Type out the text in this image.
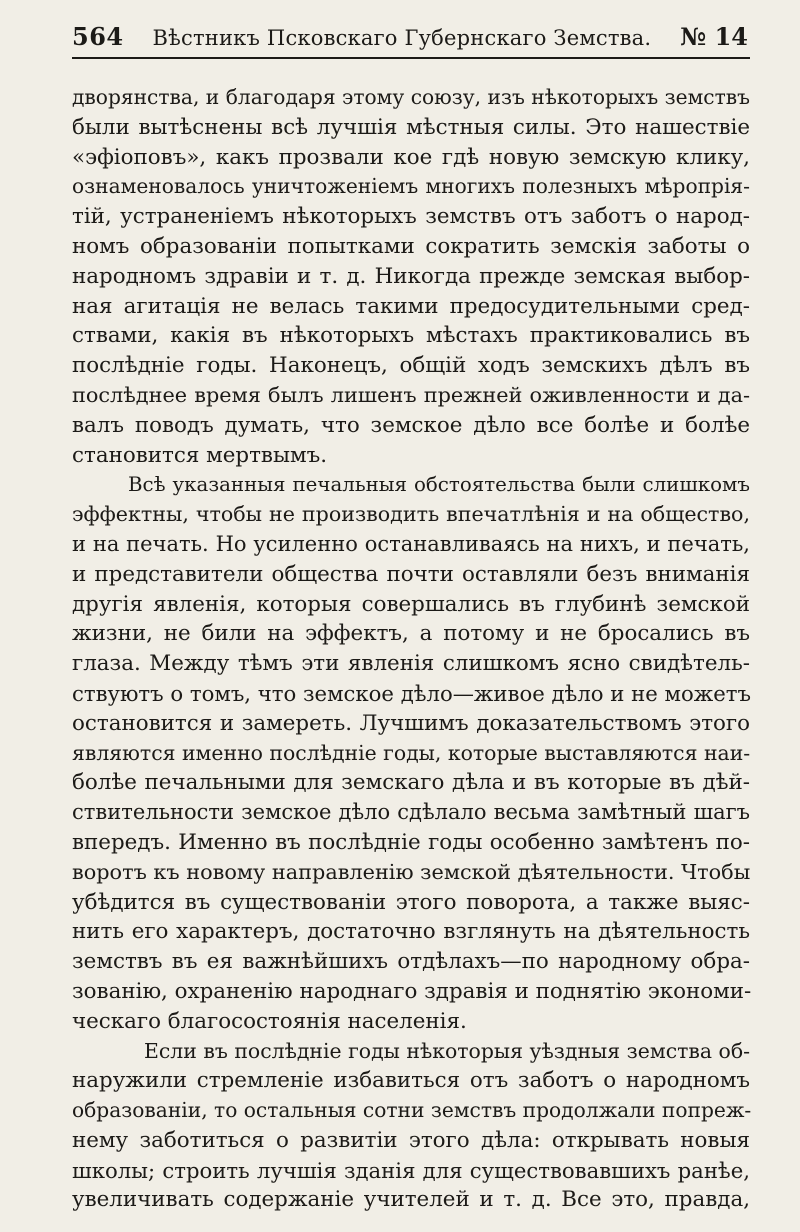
564	Вѣстникъ Псковскаго Губернскаго Земства.	№ 14

дворянства, и благодаря этому союзу, изъ нѣкоторыхъ земствъ

были вытѣснены всѣ лучшія мѣстныя силы. Это нашествіе

«эфіоповъ», какъ прозвали кое гдѣ новую земскую клику,

ознаменовалось уничтоженіемъ многихъ полезныхъ мѣропрія-

тій, устраненіемъ нѣкоторыхъ земствъ отъ заботъ о народ-

номъ образованіи попытками сократить земскія заботы о

народномъ здравіи и т. д. Никогда прежде земская выбор-

ная агитація не велась такими предосудительными сред-

ствами, какія въ нѣкоторыхъ мѣстахъ практиковались въ

послѣдніе годы. Наконецъ, общій ходъ земскихъ дѣлъ въ

послѣднее время былъ лишенъ прежней оживленности и да-

валъ поводъ думать, что земское дѣло все болѣе и болѣе

становится мертвымъ.

Всѣ указанныя печальныя обстоятельства были слишкомъ

эффектны, чтобы не производить впечатлѣнія и на общество,

и на печать. Но усиленно останавливаясь на нихъ, и печать,

и представители общества почти оставляли безъ вниманія

другія явленія, которыя совершались въ глубинѣ земской

жизни, не били на эффектъ, а потому и не бросались въ

глаза. Между тѣмъ эти явленія слишкомъ ясно свидѣтель-

ствуютъ о томъ, что земское дѣло—живое дѣло и не можетъ

остановится и замереть. Лучшимъ доказательствомъ этого

являются именно послѣдніе годы, которые выставляются наи-

болѣе печальными для земскаго дѣла и въ которые въ дѣй-

ствительности земское дѣло сдѣлало весьма замѣтный шагъ

впередъ. Именно въ послѣдніе годы особенно замѣтенъ по-

воротъ къ новому направленію земской дѣятельности. Чтобы

убѣдится въ существованіи этого поворота, а также выяс-

нить его характеръ, достаточно взглянуть на дѣятельность

земствъ въ ея важнѣйшихъ отдѣлахъ—по народному обра-

зованію, охраненію народнаго здравія и поднятію экономи-

ческаго благосостоянія населенія.

Если въ послѣдніе годы нѣкоторыя уѣздныя земства об-

наружили стремленіе избавиться отъ заботъ о народномъ

образованіи, то остальныя сотни земствъ продолжали попреж-

нему заботиться о развитіи этого дѣла: открывать новыя

школы; строить лучшія зданія для существовавшихъ ранѣе,

увеличивать содержаніе учителей и т. д. Все это, правда,
